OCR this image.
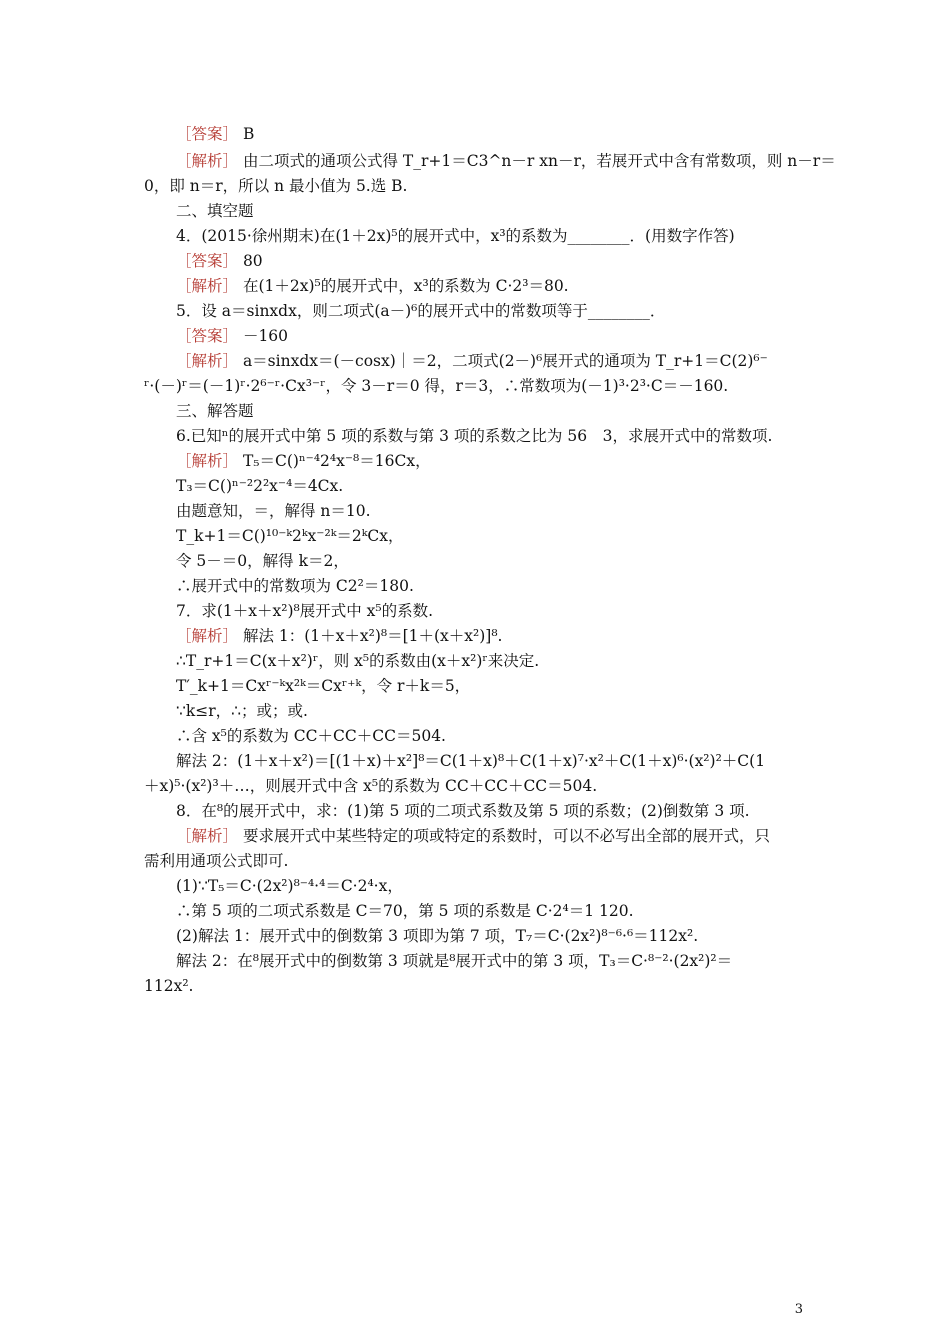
［答案］ B
［解析］ 由二项式的通项公式得 T_r+1＝C3^n－r xn－r，若展开式中含有常数项，则 n－r＝
0，即 n＝r，所以 n 最小值为 5.选 B.
二、填空题
4．(2015·徐州期末)在(1＋2x)⁵的展开式中，x³的系数为________．(用数字作答)
［答案］ 80
［解析］ 在(1＋2x)⁵的展开式中，x³的系数为 C·2³＝80.
5．设 a＝sinxdx，则二项式(a－)⁶的展开式中的常数项等于________．
［答案］ －160
［解析］ a＝sinxdx＝(－cosx)｜＝2，二项式(2－)⁶展开式的通项为 T_r+1＝C(2)⁶⁻
ʳ·(－)ʳ＝(－1)ʳ·2⁶⁻ʳ·Cx³⁻ʳ，令 3－r＝0 得，r＝3，∴常数项为(－1)³·2³·C＝－160.
三、解答题
6.已知ⁿ的展开式中第 5 项的系数与第 3 项的系数之比为 56　3，求展开式中的常数项.
［解析］ T₅＝C()ⁿ⁻⁴2⁴x⁻⁸＝16Cx，
T₃＝C()ⁿ⁻²2²x⁻⁴＝4Cx.
由题意知，＝，解得 n＝10.
T_k+1＝C()¹⁰⁻ᵏ2ᵏx⁻²ᵏ＝2ᵏCx，
令 5－＝0，解得 k＝2，
∴展开式中的常数项为 C2²＝180.
7．求(1＋x＋x²)⁸展开式中 x⁵的系数.
［解析］ 解法 1：(1＋x＋x²)⁸＝[1＋(x＋x²)]⁸.
∴T_r+1＝C(x＋x²)ʳ，则 x⁵的系数由(x＋x²)ʳ来决定.
T′_k+1＝Cxʳ⁻ᵏx²ᵏ＝Cxʳ⁺ᵏ，令 r＋k＝5，
∵k≤r，∴；或；或.
∴含 x⁵的系数为 CC＋CC＋CC＝504.
解法 2：(1＋x＋x²)＝[(1＋x)＋x²]⁸＝C(1＋x)⁸＋C(1＋x)⁷·x²＋C(1＋x)⁶·(x²)²＋C(1
＋x)⁵·(x²)³＋…，则展开式中含 x⁵的系数为 CC＋CC＋CC＝504.
8．在⁸的展开式中，求：(1)第 5 项的二项式系数及第 5 项的系数；(2)倒数第 3 项.
［解析］ 要求展开式中某些特定的项或特定的系数时，可以不必写出全部的展开式，只
需利用通项公式即可.
(1)∵T₅＝C·(2x²)⁸⁻⁴·⁴＝C·2⁴·x，
∴第 5 项的二项式系数是 C＝70，第 5 项的系数是 C·2⁴＝1 120.
(2)解法 1：展开式中的倒数第 3 项即为第 7 项，T₇＝C·(2x²)⁸⁻⁶·⁶＝112x².
解法 2：在⁸展开式中的倒数第 3 项就是⁸展开式中的第 3 项，T₃＝C·⁸⁻²·(2x²)²＝
112x².
3
